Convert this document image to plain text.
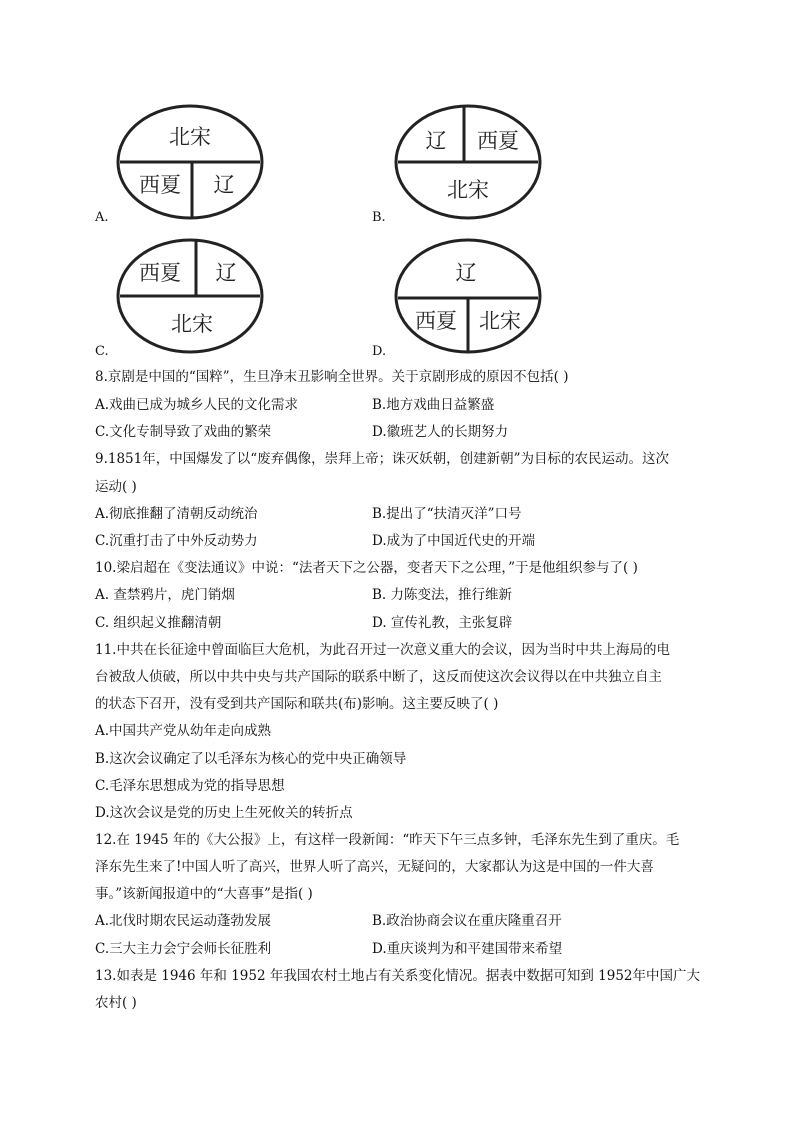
北宋
西夏 辽
A.
辽 西夏
北宋
B.
西夏 辽
北宋
C.
辽
西夏 北宋
D.
8.京剧是中国的“国粹”，生旦净末丑影响全世界。关于京剧形成的原因不包括( )
A.戏曲已成为城乡人民的文化需求	B.地方戏曲日益繁盛
C.文化专制导致了戏曲的繁荣	D.徽班艺人的长期努力
9.1851年，中国爆发了以“废弃偶像，崇拜上帝；诛灭妖朝，创建新朝”为目标的农民运动。这次
运动( )
A.彻底推翻了清朝反动统治	B.提出了“扶清灭洋”口号
C.沉重打击了中外反动势力	D.成为了中国近代史的开端
10.梁启超在《变法通议》中说：“法者天下之公器，变者天下之公理，”于是他组织参与了( )
A. 查禁鸦片，虎门销烟	B. 力陈变法，推行维新
C. 组织起义推翻清朝	D. 宣传礼教，主张复辟
11.中共在长征途中曾面临巨大危机，为此召开过一次意义重大的会议，因为当时中共上海局的电
台被敌人侦破，所以中共中央与共产国际的联系中断了，这反而使这次会议得以在中共独立自主
的状态下召开，没有受到共产国际和联共(布)影响。这主要反映了( )
A.中国共产党从幼年走向成熟
B.这次会议确定了以毛泽东为核心的党中央正确领导
C.毛泽东思想成为党的指导思想
D.这次会议是党的历史上生死攸关的转折点
12.在 1945 年的《大公报》上，有这样一段新闻：“昨天下午三点多钟，毛泽东先生到了重庆。毛
泽东先生来了!中国人听了高兴，世界人听了高兴，无疑问的，大家都认为这是中国的一件大喜
事。”该新闻报道中的“大喜事”是指( )
A.北伐时期农民运动蓬勃发展	B.政治协商会议在重庆隆重召开
C.三大主力会宁会师长征胜利	D.重庆谈判为和平建国带来希望
13.如表是 1946 年和 1952 年我国农村土地占有关系变化情况。据表中数据可知到 1952年中国广大
农村( )
